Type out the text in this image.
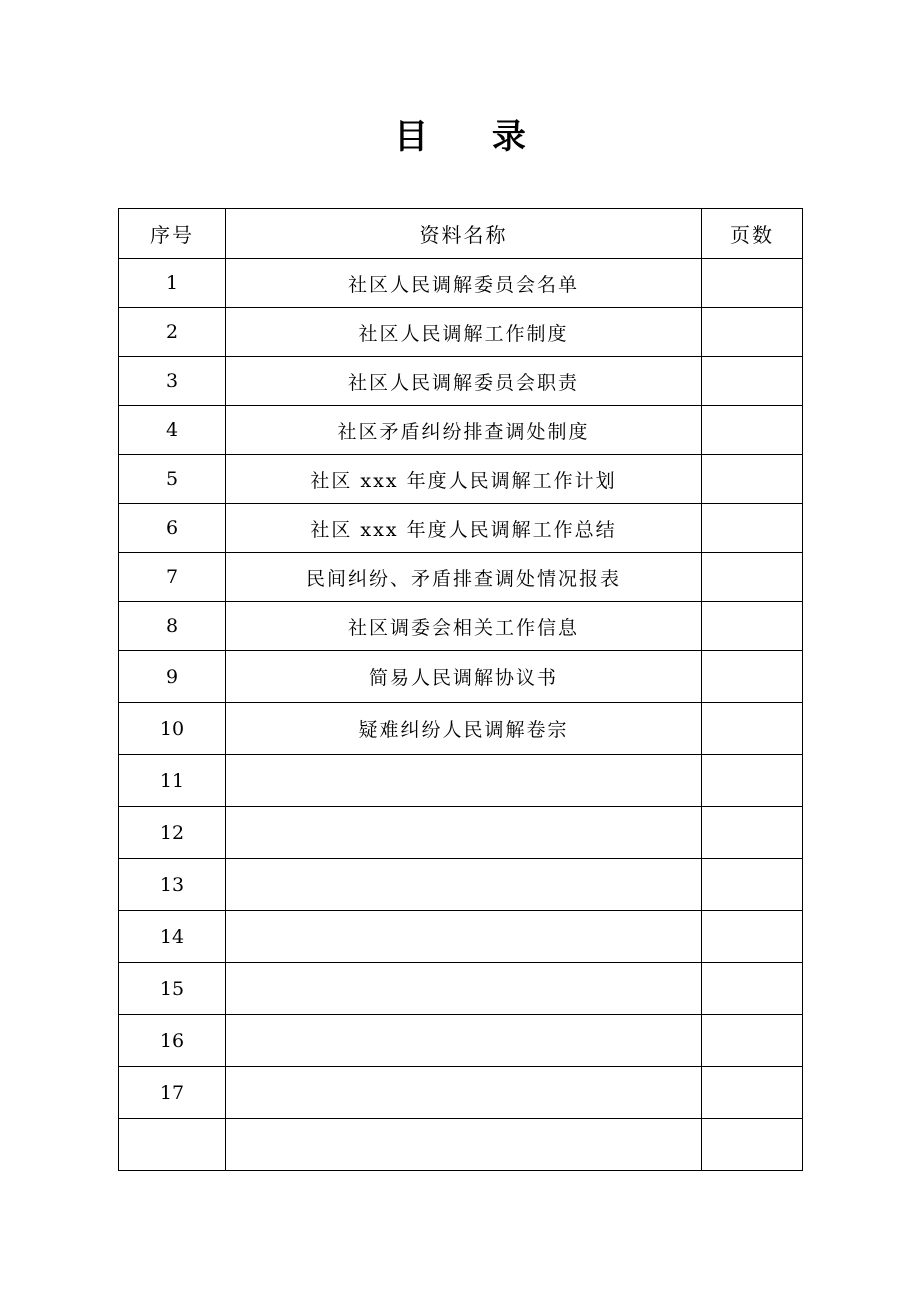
目 录
序号	资料名称	页数
1	社区人民调解委员会名单	
2	社区人民调解工作制度	
3	社区人民调解委员会职责	
4	社区矛盾纠纷排查调处制度	
5	社区 xxx 年度人民调解工作计划	
6	社区 xxx 年度人民调解工作总结	
7	民间纠纷、矛盾排查调处情况报表	
8	社区调委会相关工作信息	
9	简易人民调解协议书	
10	疑难纠纷人民调解卷宗	
11		
12		
13		
14		
15		
16		
17		
